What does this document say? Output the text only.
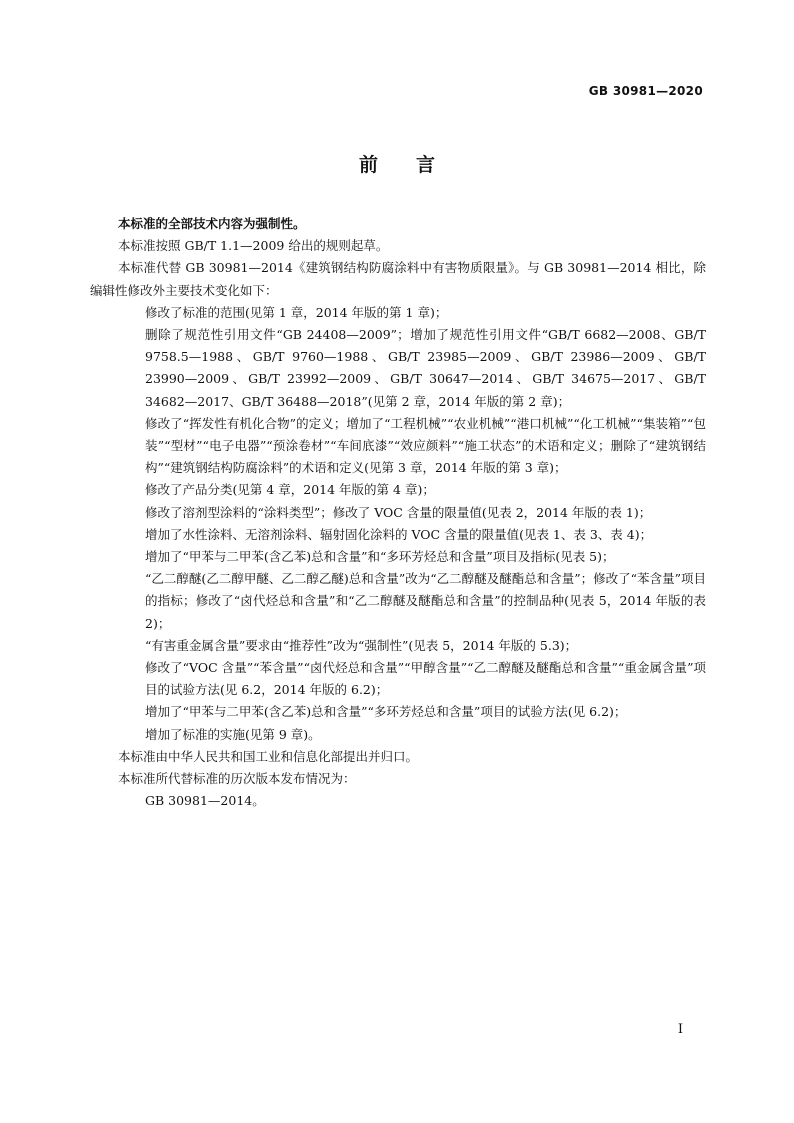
GB 30981—2020
前言

本标准的全部技术内容为强制性。

本标准按照 GB/T 1.1—2009 给出的规则起草。

本标准代替 GB 30981—2014《建筑钢结构防腐涂料中有害物质限量》。与 GB 30981—2014 相比，除编辑性修改外主要技术变化如下：

修改了标准的范围(见第 1 章，2014 年版的第 1 章)；
删除了规范性引用文件“GB 24408—2009”；增加了规范性引用文件“GB/T 6682—2008、GB/T 9758.5—1988、GB/T 9760—1988、GB/T 23985—2009、GB/T 23986—2009、GB/T 23990—2009、GB/T 23992—2009、GB/T 30647—2014、GB/T 34675—2017、GB/T 34682—2017、GB/T 36488—2018”(见第 2 章，2014 年版的第 2 章)；
修改了“挥发性有机化合物”的定义；增加了“工程机械”“农业机械”“港口机械”“化工机械”“集装箱”“包装”“型材”“电子电器”“预涂卷材”“车间底漆”“效应颜料”“施工状态”的术语和定义；删除了“建筑钢结构”“建筑钢结构防腐涂料”的术语和定义(见第 3 章，2014 年版的第 3 章)；
修改了产品分类(见第 4 章，2014 年版的第 4 章)；
修改了溶剂型涂料的“涂料类型”；修改了 VOC 含量的限量值(见表 2，2014 年版的表 1)；
增加了水性涂料、无溶剂涂料、辐射固化涂料的 VOC 含量的限量值(见表 1、表 3、表 4)；
增加了“甲苯与二甲苯(含乙苯)总和含量”和“多环芳烃总和含量”项目及指标(见表 5)；
“乙二醇醚(乙二醇甲醚、乙二醇乙醚)总和含量”改为“乙二醇醚及醚酯总和含量”；修改了“苯含量”项目的指标；修改了“卤代烃总和含量”和“乙二醇醚及醚酯总和含量”的控制品种(见表 5，2014 年版的表 2)；
“有害重金属含量”要求由“推荐性”改为“强制性”(见表 5，2014 年版的 5.3)；
修改了“VOC 含量”“苯含量”“卤代烃总和含量”“甲醇含量”“乙二醇醚及醚酯总和含量”“重金属含量”项目的试验方法(见 6.2，2014 年版的 6.2)；
增加了“甲苯与二甲苯(含乙苯)总和含量”“多环芳烃总和含量”项目的试验方法(见 6.2)；
增加了标准的实施(见第 9 章)。

本标准由中华人民共和国工业和信息化部提出并归口。

本标准所代替标准的历次版本发布情况为：

GB 30981—2014。
I
